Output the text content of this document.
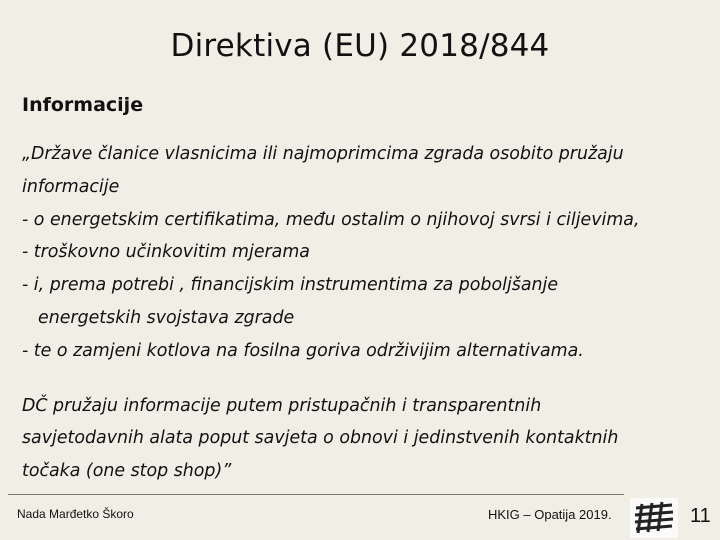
Direktiva (EU) 2018/844
Informacije
„Države članice vlasnicima ili najmoprimcima zgrada osobito pružaju
informacije
- o energetskim certifikatima, među ostalim o njihovoj svrsi i ciljevima,
- troškovno učinkovitim mjerama
- i, prema potrebi , financijskim instrumentima za poboljšanje
energetskih svojstava zgrade
- te o zamjeni kotlova na fosilna goriva održivijim alternativama.
DČ pružaju informacije putem pristupačnih i transparentnih
savjetodavnih alata poput savjeta o obnovi i jedinstvenih kontaktnih
točaka (one stop shop)”
Nada Marđetko Škoro	HKIG – Opatija 2019.	11
